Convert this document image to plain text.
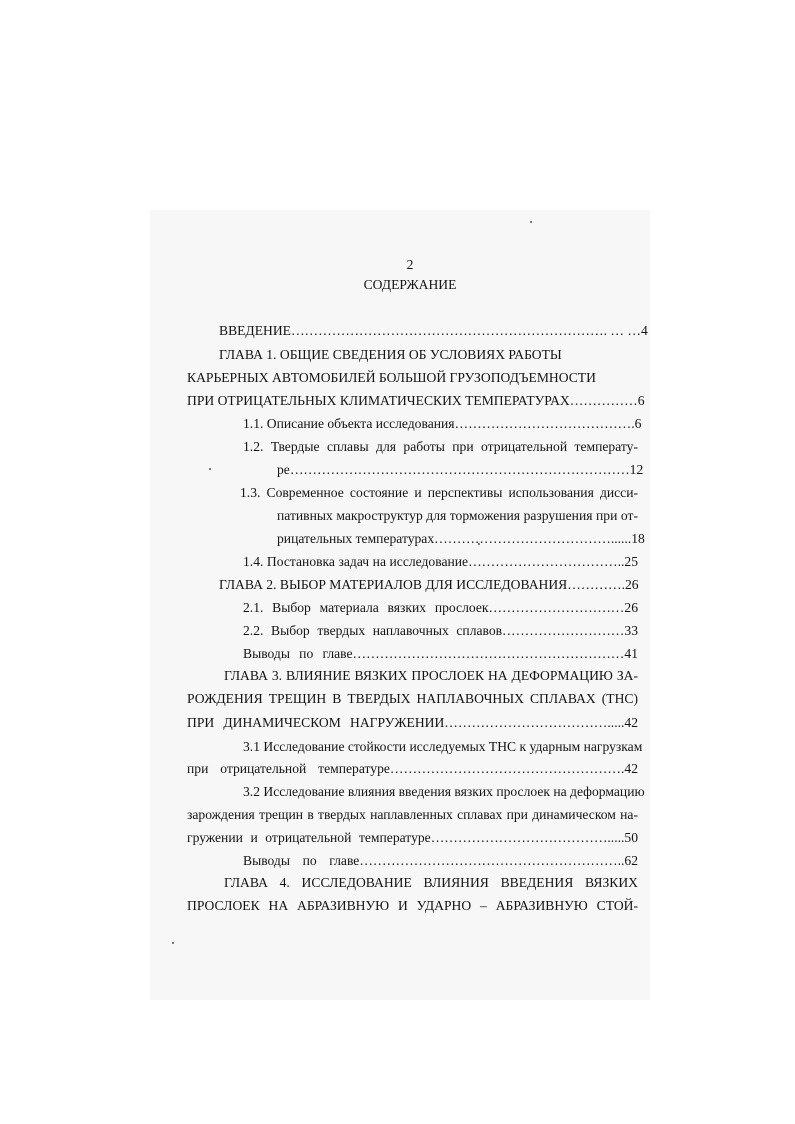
2
СОДЕРЖАНИЕ
ВВЕДЕНИЕ……………………………………………………………. … …4
ГЛАВА 1. ОБЩИЕ СВЕДЕНИЯ ОБ УСЛОВИЯХ РАБОТЫ
КАРЬЕРНЫХ АВТОМОБИЛЕЙ БОЛЬШОЙ ГРУЗОПОДЪЕМНОСТИ
ПРИ ОТРИЦАТЕЛЬНЫХ КЛИМАТИЧЕСКИХ ТЕМПЕРАТУРАХ……………6
1.1. Описание объекта исследования………………………………….6
1.2. Твердые сплавы для работы при отрицательной температу-
ре…………………………………………………………………12
1.3. Современное состояние и перспективы использования дисси-
пативных макроструктур для торможения разрушения при от-
рицательных температурах…………………………………......18
1.4. Постановка задач на исследование……………………………..25
ГЛАВА 2. ВЫБОР МАТЕРИАЛОВ ДЛЯ ИССЛЕДОВАНИЯ………….26
2.1. Выбор материала вязких прослоек…………………………26
2.2. Выбор твердых наплавочных сплавов………………………33
Выводы по главе……………………………………………………41
ГЛАВА 3. ВЛИЯНИЕ ВЯЗКИХ ПРОСЛОЕК НА ДЕФОРМАЦИЮ ЗА-
РОЖДЕНИЯ ТРЕЩИН В ТВЕРДЫХ НАПЛАВОЧНЫХ СПЛАВАХ (ТНС)
ПРИ ДИНАМИЧЕСКОМ НАГРУЖЕНИИ……………………………….....42
3.1 Исследование стойкости исследуемых ТНС к ударным нагрузкам
при отрицательной температуре…………………………………………….42
3.2 Исследование влияния введения вязких прослоек на деформацию
зарождения трещин в твердых наплавленных сплавах при динамическом на-
гружении и отрицательной температуре………………………………….....50
Выводы по главе…………………………………………………..62
ГЛАВА 4. ИССЛЕДОВАНИЕ ВЛИЯНИЯ ВВЕДЕНИЯ ВЯЗКИХ
ПРОСЛОЕК НА АБРАЗИВНУЮ И УДАРНО – АБРАЗИВНУЮ СТОЙ-
